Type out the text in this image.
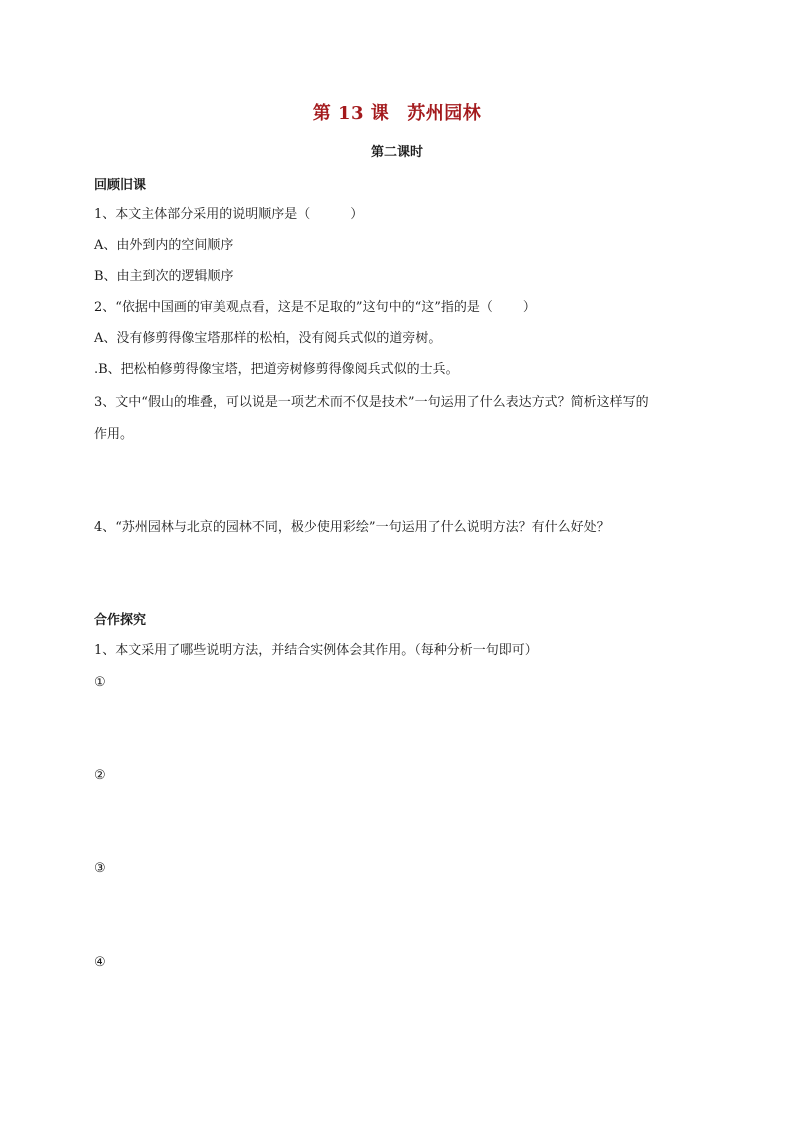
第 13 课 苏州园林
第二课时
回顾旧课
1、本文主体部分采用的说明顺序是（	）
A、由外到内的空间顺序
B、由主到次的逻辑顺序
2、“依据中国画的审美观点看，这是不足取的”这句中的“这”指的是（ ）
A、没有修剪得像宝塔那样的松柏，没有阅兵式似的道旁树。
.B、把松柏修剪得像宝塔，把道旁树修剪得像阅兵式似的士兵。
3、文中“假山的堆叠，可以说是一项艺术而不仅是技术”一句运用了什么表达方式？简析这样写的
作用。
4、“苏州园林与北京的园林不同，极少使用彩绘”一句运用了什么说明方法？有什么好处？
合作探究
1、本文采用了哪些说明方法，并结合实例体会其作用。（每种分析一句即可）
①
②
③
④
